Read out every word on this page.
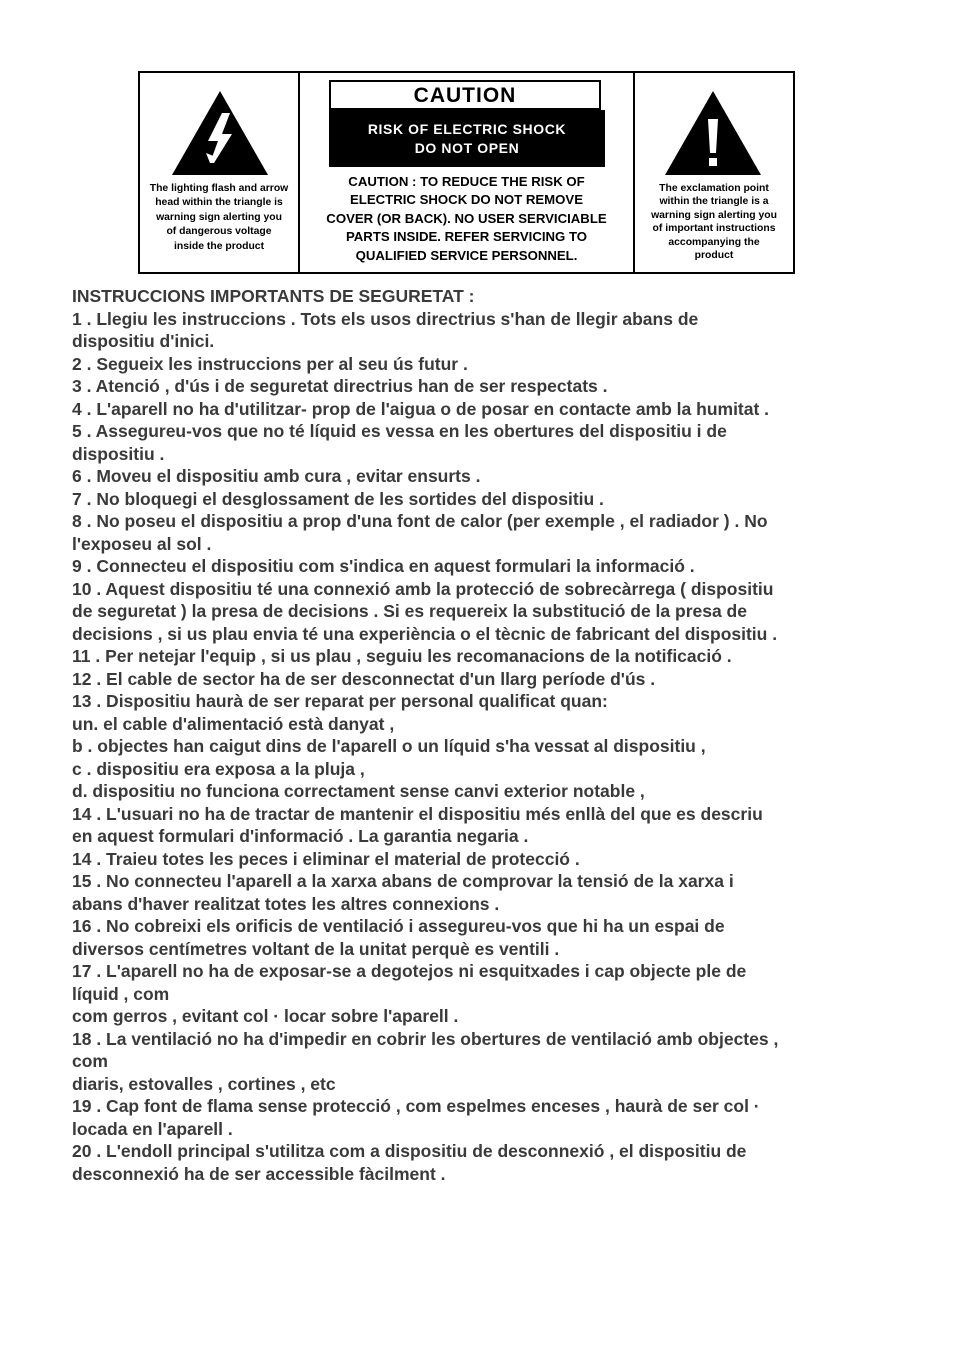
The lighting flash and arrow
head within the triangle is
warning sign alerting you
of dangerous voltage
inside the product
CAUTION
RISK OF ELECTRIC SHOCK
DO NOT OPEN
CAUTION : TO REDUCE THE RISK OF
ELECTRIC SHOCK DO NOT REMOVE
COVER (OR BACK). NO USER SERVICIABLE
PARTS INSIDE. REFER SERVICING TO
QUALIFIED SERVICE PERSONNEL.
The exclamation point
within the triangle is a
warning sign alerting you
of important instructions
accompanying the
product
INSTRUCCIONS IMPORTANTS DE SEGURETAT :
1 . Llegiu les instruccions . Tots els usos directrius s'han de llegir abans de
dispositiu d'inici.
2 . Segueix les instruccions per al seu ús futur .
3 . Atenció , d'ús i de seguretat directrius han de ser respectats .
4 . L'aparell no ha d'utilitzar- prop de l'aigua o de posar en contacte amb la humitat .
5 . Assegureu-vos que no té líquid es vessa en les obertures del dispositiu i de
dispositiu .
6 . Moveu el dispositiu amb cura , evitar ensurts .
7 . No bloquegi el desglossament de les sortides del dispositiu .
8 . No poseu el dispositiu a prop d'una font de calor (per exemple , el radiador ) . No
l'exposeu al sol .
9 . Connecteu el dispositiu com s'indica en aquest formulari la informació .
10 . Aquest dispositiu té una connexió amb la protecció de sobrecàrrega ( dispositiu
de seguretat ) la presa de decisions . Si es requereix la substitució de la presa de
decisions , si us plau envia té una experiència o el tècnic de fabricant del dispositiu .
11 . Per netejar l'equip , si us plau , seguiu les recomanacions de la notificació .
12 . El cable de sector ha de ser desconnectat d'un llarg període d'ús .
13 . Dispositiu haurà de ser reparat per personal qualificat quan:
un. el cable d'alimentació està danyat ,
b . objectes han caigut dins de l'aparell o un líquid s'ha vessat al dispositiu ,
c . dispositiu era exposa a la pluja ,
d. dispositiu no funciona correctament sense canvi exterior notable ,
14 . L'usuari no ha de tractar de mantenir el dispositiu més enllà del que es descriu
en aquest formulari d'informació . La garantia negaria .
14 . Traieu totes les peces i eliminar el material de protecció .
15 . No connecteu l'aparell a la xarxa abans de comprovar la tensió de la xarxa i
abans d'haver realitzat totes les altres connexions .
16 . No cobreixi els orificis de ventilació i assegureu-vos que hi ha un espai de
diversos centímetres voltant de la unitat perquè es ventili .
17 . L'aparell no ha de exposar-se a degotejos ni esquitxades i cap objecte ple de
líquid , com
com gerros , evitant col · locar sobre l'aparell .
18 . La ventilació no ha d'impedir en cobrir les obertures de ventilació amb objectes ,
com
diaris, estovalles , cortines , etc
19 . Cap font de flama sense protecció , com espelmes enceses , haurà de ser col ·
locada en l'aparell .
20 . L'endoll principal s'utilitza com a dispositiu de desconnexió , el dispositiu de
desconnexió ha de ser accessible fàcilment .
